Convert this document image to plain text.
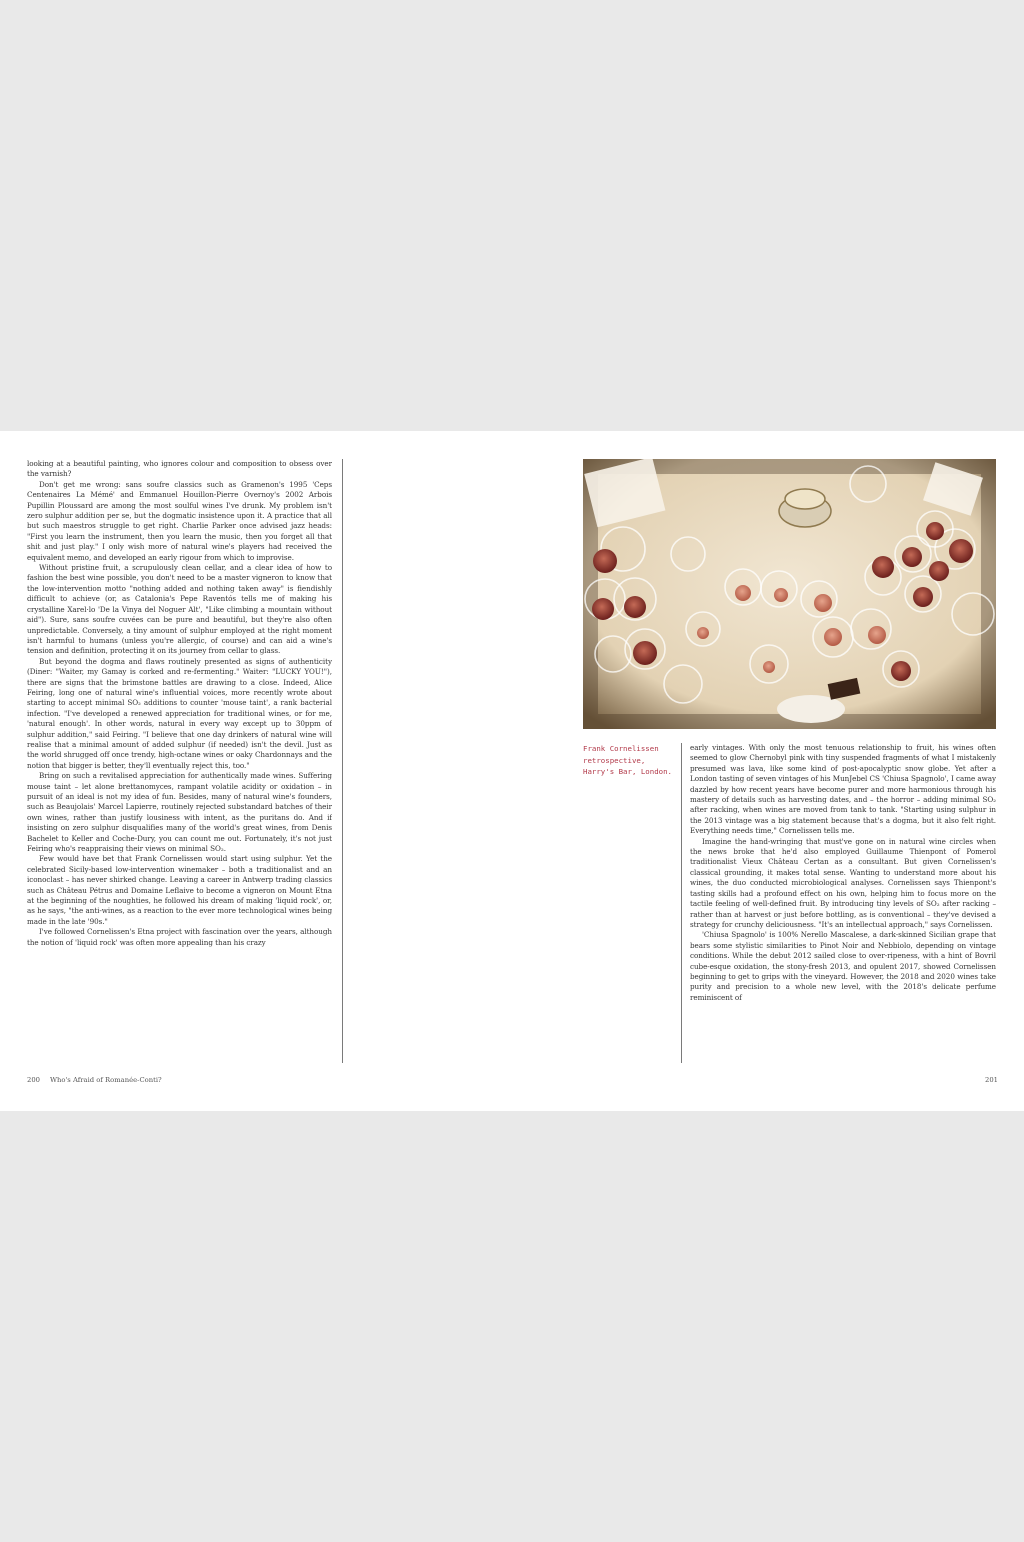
looking at a beautiful painting, who ignores colour and composition to obsess over the varnish?

Don't get me wrong: sans soufre classics such as Gramenon's 1995 'Ceps Centenaires La Mémé' and Emmanuel Houillon-Pierre Overnoy's 2002 Arbois Pupillin Ploussard are among the most soulful wines I've drunk. My problem isn't zero sulphur addition per se, but the dogmatic insistence upon it. A practice that all but such maestros struggle to get right. Charlie Parker once advised jazz heads: "First you learn the instrument, then you learn the music, then you forget all that shit and just play." I only wish more of natural wine's players had received the equivalent memo, and developed an early rigour from which to improvise.

Without pristine fruit, a scrupulously clean cellar, and a clear idea of how to fashion the best wine possible, you don't need to be a master vigneron to know that the low-intervention motto "nothing added and nothing taken away" is fiendishly difficult to achieve (or, as Catalonia's Pepe Raventós tells me of making his crystalline Xarel·lo 'De la Vinya del Noguer Alt', "Like climbing a mountain without aid"). Sure, sans soufre cuvées can be pure and beautiful, but they're also often unpredictable. Conversely, a tiny amount of sulphur employed at the right moment isn't harmful to humans (unless you're allergic, of course) and can aid a wine's tension and definition, protecting it on its journey from cellar to glass.

But beyond the dogma and flaws routinely presented as signs of authenticity (Diner: "Waiter, my Gamay is corked and re-fermenting." Waiter: "LUCKY YOU!"), there are signs that the brimstone battles are drawing to a close. Indeed, Alice Feiring, long one of natural wine's influential voices, more recently wrote about starting to accept minimal SO₂ additions to counter 'mouse taint', a rank bacterial infection. "I've developed a renewed appreciation for traditional wines, or for me, 'natural enough'. In other words, natural in every way except up to 30ppm of sulphur addition," said Feiring. "I believe that one day drinkers of natural wine will realise that a minimal amount of added sulphur (if needed) isn't the devil. Just as the world shrugged off once trendy, high-octane wines or oaky Chardonnays and the notion that bigger is better, they'll eventually reject this, too."

Bring on such a revitalised appreciation for authentically made wines. Suffering mouse taint – let alone brettanomyces, rampant volatile acidity or oxidation – in pursuit of an ideal is not my idea of fun. Besides, many of natural wine's founders, such as Beaujolais' Marcel Lapierre, routinely rejected substandard batches of their own wines, rather than justify lousiness with intent, as the puritans do. And if insisting on zero sulphur disqualifies many of the world's great wines, from Denis Bachelet to Keller and Coche-Dury, you can count me out. Fortunately, it's not just Feiring who's reappraising their views on minimal SO₂.

Few would have bet that Frank Cornelissen would start using sulphur. Yet the celebrated Sicily-based low-intervention winemaker – both a traditionalist and an iconoclast – has never shirked change. Leaving a career in Antwerp trading classics such as Château Pétrus and Domaine Leflaive to become a vigneron on Mount Etna at the beginning of the noughties, he followed his dream of making 'liquid rock', or, as he says, "the anti-wines, as a reaction to the ever more technological wines being made in the late '90s."

I've followed Cornelissen's Etna project with fascination over the years, although the notion of 'liquid rock' was often more appealing than his crazy

Frank Cornelissen retrospective, Harry's Bar, London.

early vintages. With only the most tenuous relationship to fruit, his wines often seemed to glow Chernobyl pink with tiny suspended fragments of what I mistakenly presumed was lava, like some kind of post-apocalyptic snow globe. Yet after a London tasting of seven vintages of his MunJebel CS 'Chiusa Spagnolo', I came away dazzled by how recent years have become purer and more harmonious through his mastery of details such as harvesting dates, and – the horror – adding minimal SO₂ after racking, when wines are moved from tank to tank. "Starting using sulphur in the 2013 vintage was a big statement because that's a dogma, but it also felt right. Everything needs time," Cornelissen tells me.

Imagine the hand-wringing that must've gone on in natural wine circles when the news broke that he'd also employed Guillaume Thienpont of Pomerol traditionalist Vieux Château Certan as a consultant. But given Cornelissen's classical grounding, it makes total sense. Wanting to understand more about his wines, the duo conducted microbiological analyses. Cornelissen says Thienpont's tasting skills had a profound effect on his own, helping him to focus more on the tactile feeling of well-defined fruit. By introducing tiny levels of SO₂ after racking – rather than at harvest or just before bottling, as is conventional – they've devised a strategy for crunchy deliciousness. "It's an intellectual approach," says Cornelissen.

'Chiusa Spagnolo' is 100% Nerello Mascalese, a dark-skinned Sicilian grape that bears some stylistic similarities to Pinot Noir and Nebbiolo, depending on vintage conditions. While the debut 2012 sailed close to over-ripeness, with a hint of Bovril cube-esque oxidation, the stony-fresh 2013, and opulent 2017, showed Cornelissen beginning to get to grips with the vineyard. However, the 2018 and 2020 wines take purity and precision to a whole new level, with the 2018's delicate perfume reminiscent of

200 Who's Afraid of Romanée-Conti?	201
